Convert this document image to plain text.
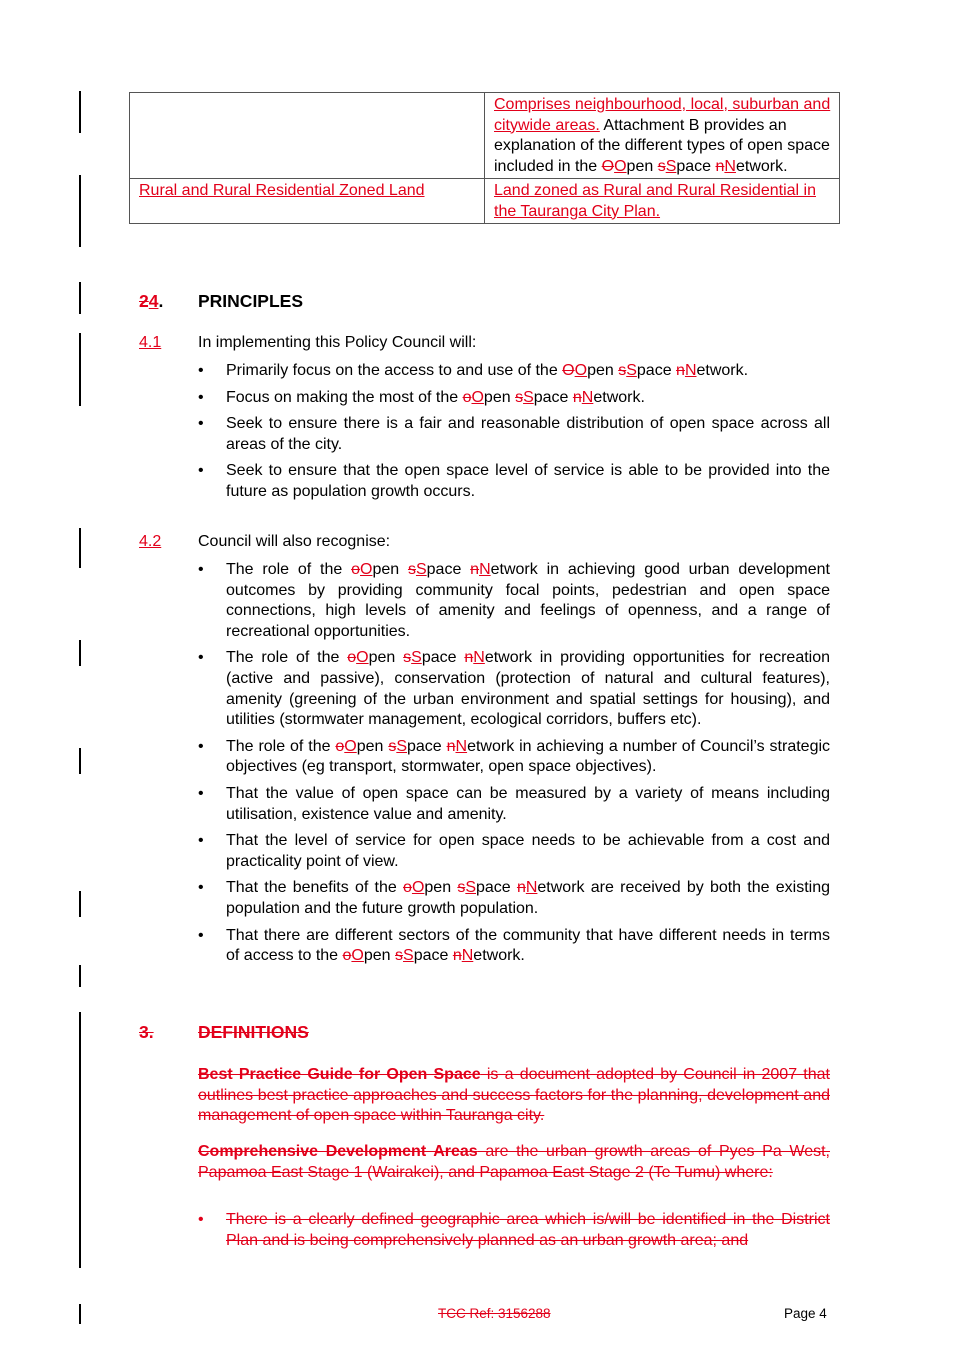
	Comprises neighbourhood, local, suburban and citywide areas. Attachment B provides an explanation of the different types of open space included in the OOpen sSpace nNetwork.
Rural and Rural Residential Zoned Land	Land zoned as Rural and Rural Residential in the Tauranga City Plan.
24. PRINCIPLES
4.1	In implementing this Policy Council will:
• Primarily focus on the access to and use of the OOpen sSpace nNetwork.
• Focus on making the most of the oOpen sSpace nNetwork.
• Seek to ensure there is a fair and reasonable distribution of open space across all areas of the city.
• Seek to ensure that the open space level of service is able to be provided into the future as population growth occurs.
4.2	Council will also recognise:
• The role of the oOpen sSpace nNetwork in achieving good urban development outcomes by providing community focal points, pedestrian and open space connections, high levels of amenity and feelings of openness, and a range of recreational opportunities.
• The role of the oOpen sSpace nNetwork in providing opportunities for recreation (active and passive), conservation (protection of natural and cultural features), amenity (greening of the urban environment and spatial settings for housing), and utilities (stormwater management, ecological corridors, buffers etc).
• The role of the oOpen sSpace nNetwork in achieving a number of Council’s strategic objectives (eg transport, stormwater, open space objectives).
• That the value of open space can be measured by a variety of means including utilisation, existence value and amenity.
• That the level of service for open space needs to be achievable from a cost and practicality point of view.
• That the benefits of the oOpen sSpace nNetwork are received by both the existing population and the future growth population.
• That there are different sectors of the community that have different needs in terms of access to the oOpen sSpace nNetwork.
3.	DEFINITIONS
Best Practice Guide for Open Space is a document adopted by Council in 2007 that outlines best practice approaches and success factors for the planning, development and management of open space within Tauranga city.
Comprehensive Development Areas are the urban growth areas of Pyes Pa West, Papamoa East Stage 1 (Wairakei), and Papamoa East Stage 2 (Te Tumu) where:
• There is a clearly defined geographic area which is/will be identified in the District Plan and is being comprehensively planned as an urban growth area; and
TCC Ref: 3156288	Page 4
